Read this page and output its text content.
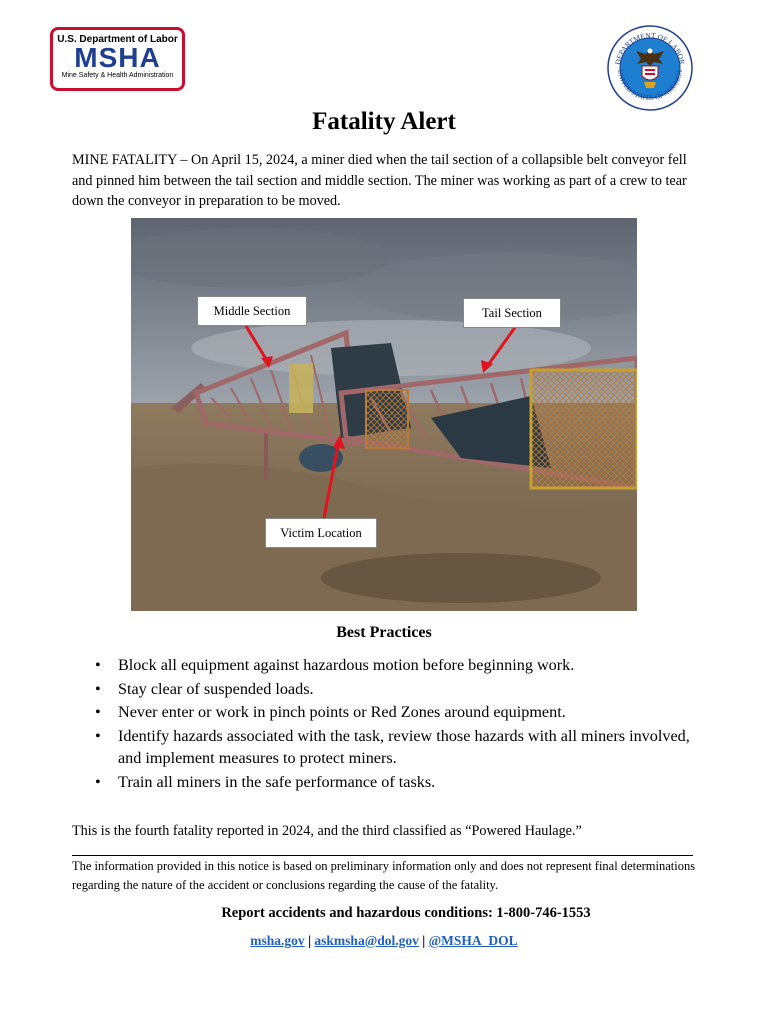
U.S. Department of Labor
MSHA
Mine Safety & Health Administration
DEPARTMENT OF LABOR
UNITED STATES OF AMERICA
Fatality Alert

MINE FATALITY – On April 15, 2024, a miner died when the tail section of a collapsible belt conveyor fell and pinned him between the tail section and middle section. The miner was working as part of a crew to tear down the conveyor in preparation to be moved.

Middle Section	Tail Section
Victim Location
Best Practices
• Block all equipment against hazardous motion before beginning work.
• Stay clear of suspended loads.
• Never enter or work in pinch points or Red Zones around equipment.
• Identify hazards associated with the task, review those hazards with all miners involved, and implement measures to protect miners.
• Train all miners in the safe performance of tasks.

This is the fourth fatality reported in 2024, and the third classified as “Powered Haulage.”

The information provided in this notice is based on preliminary information only and does not represent final determinations regarding the nature of the accident or conclusions regarding the cause of the fatality.

Report accidents and hazardous conditions: 1-800-746-1553

msha.gov | askmsha@dol.gov | @MSHA_DOL
